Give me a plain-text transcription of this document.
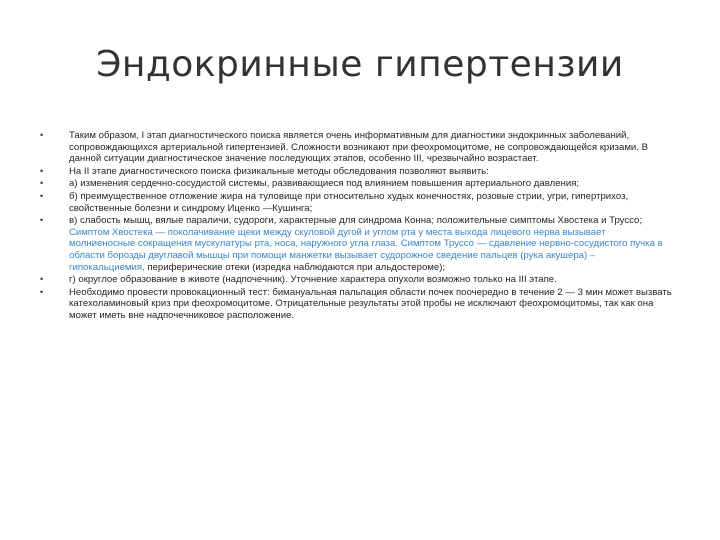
Эндокринные гипертензии
• Таким образом, I этап диагностического поиска является очень информативным для диагностики эндокринных заболеваний, сопровождающихся артериальной гипертензией. Сложности возникают при феохромоцитоме, не сопровождающейся кризами. В данной ситуации диагностическое значение последующих этапов, особенно III, чрезвычайно возрастает.
• На II этапе диагностического поиска физикальные методы обследования позволяют выявить:
• а) изменения сердечно-сосудистой системы, развивающиеся под влиянием повышения артериального давления;
• б) преимущественное отложение жира на туловище при относительно худых конечностях, розовые стрии, угри, гипертрихоз, свойственные болезни и синдрому Иценко —Кушинга;
• в) слабость мышц, вялые параличи, судороги, характерные для синдрома Конна; положительные симптомы Хвостека и Труссо; Симптом Хвостека — поколачивание щеки между скуловой дугой и углом рта у места выхода лицевого нерва вызывает молниеносные сокращения мускулатуры рта, носа, наружного угла глаза. Симптом Труссо — сдавление нервно-сосудистого пучка в области борозды двуглавой мышцы при помощи манжетки вызывает судорожное сведение пальцев (рука акушера) – гипокальциемия, периферические отеки (изредка наблюдаются при альдостероме);
• г) округлое образование в животе (надпочечник). Уточнение характера опухоли возможно только на III этапе.
• Необходимо провести провокационный тест: бимануальная пальпация области почек поочередно в течение 2 — 3 мин может вызвать катехоламиновый криз при феохромоцитоме. Отрицательные результаты этой пробы не исключают феохромоцитомы, так как она может иметь вне надпочечниковое расположение.
